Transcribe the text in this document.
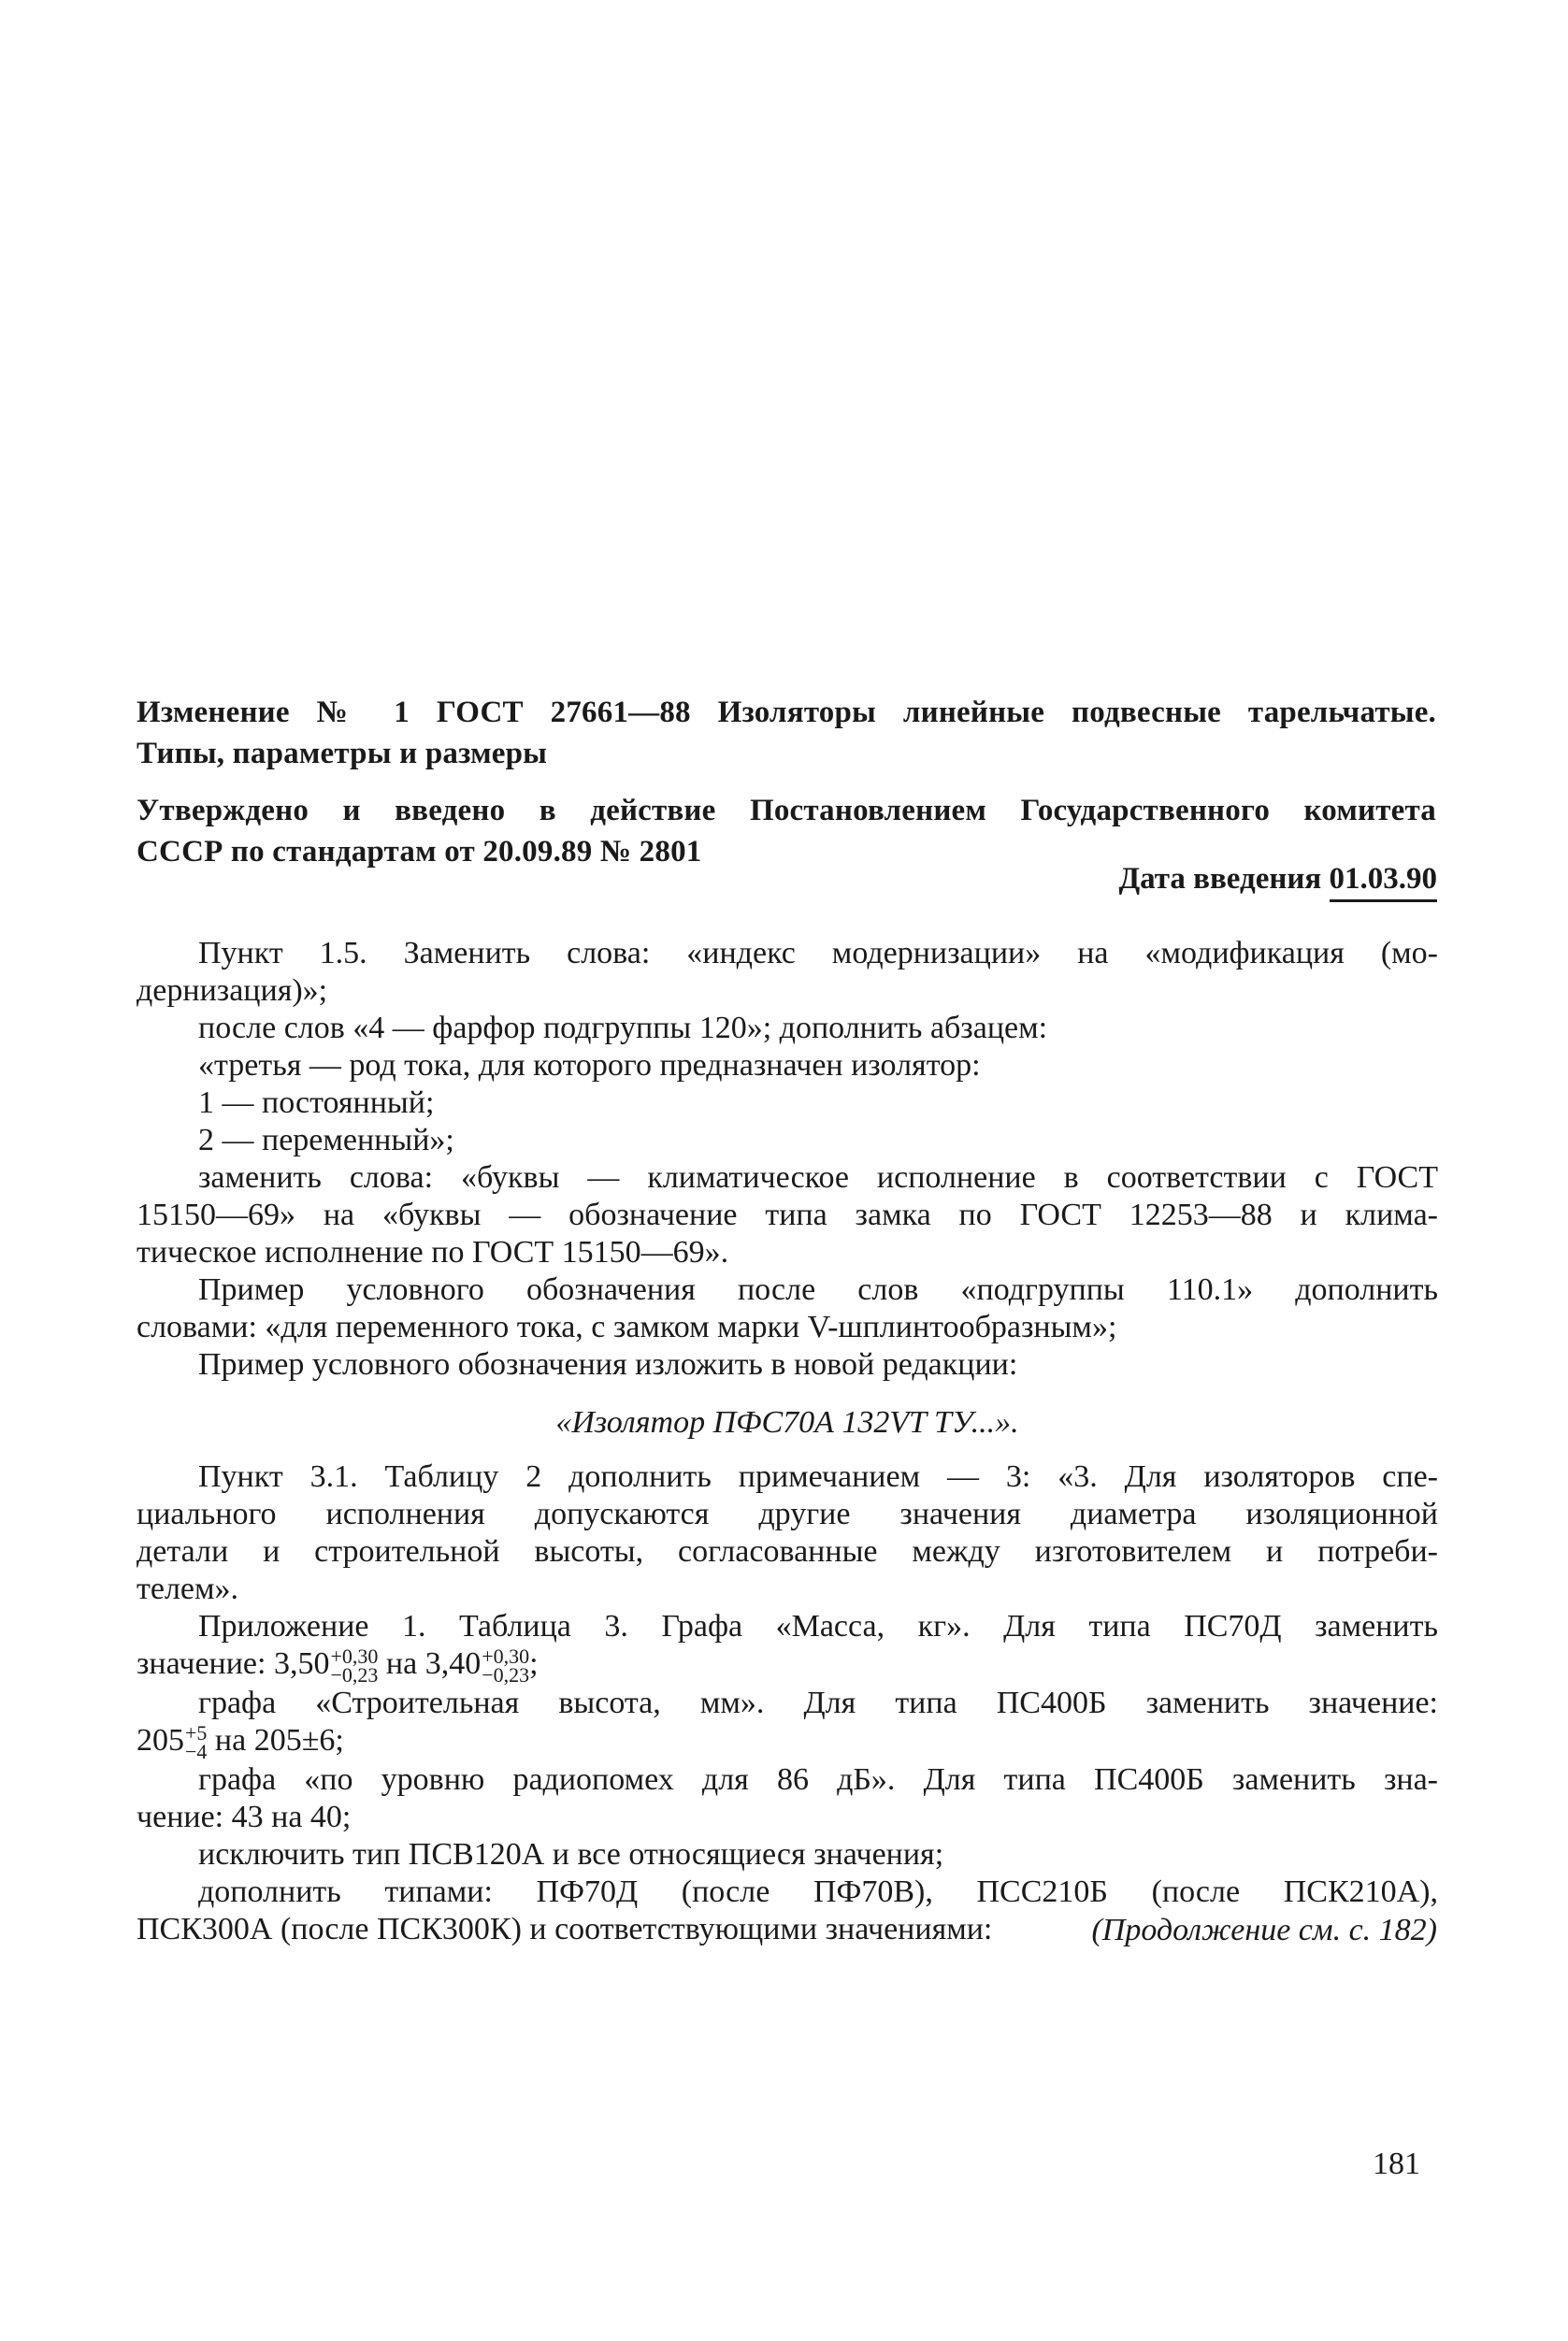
Изменение № 1 ГОСТ 27661—88 Изоляторы линейные подвесные тарельчатые.
Типы, параметры и размеры
Утверждено и введено в действие Постановлением Государственного комитета
СССР по стандартам от 20.09.89 № 2801
Дата введения 01.03.90

Пункт 1.5. Заменить слова: «индекс модернизации» на «модификация (мо-

дернизация)»;

после слов «4 — фарфор подгруппы 120»; дополнить абзацем:

«третья — род тока, для которого предназначен изолятор:

1 — постоянный;

2 — переменный»;

заменить слова: «буквы — климатическое исполнение в соответствии с ГОСТ

15150—69» на «буквы — обозначение типа замка по ГОСТ 12253—88 и клима-

тическое исполнение по ГОСТ 15150—69».

Пример условного обозначения после слов «подгруппы 110.1» дополнить

словами: «для переменного тока, с замком марки V-шплинтообразным»;

Пример условного обозначения изложить в новой редакции:

«Изолятор ПФС70А 132VT ТУ...».

Пункт 3.1. Таблицу 2 дополнить примечанием — 3: «3. Для изоляторов спе-

циального исполнения допускаются другие значения диаметра изоляционной

детали и строительной высоты, согласованные между изготовителем и потреби-

телем».

Приложение 1. Таблица 3. Графа «Масса, кг». Для типа ПС70Д заменить

значение: 3,50 +0,30
−0,23 на 3,40 +0,30
−0,23 ;

графа «Строительная высота, мм». Для типа ПС400Б заменить значение:

205 +5
−4 на 205±6;

графа «по уровню радиопомех для 86 дБ». Для типа ПС400Б заменить зна-

чение: 43 на 40;

исключить тип ПСВ120А и все относящиеся значения;

дополнить типами: ПФ70Д (после ПФ70В), ПСС210Б (после ПСК210А),

ПСК300А (после ПСК300К) и соответствующими значениями:	(Продолжение см. с. 182)
181
